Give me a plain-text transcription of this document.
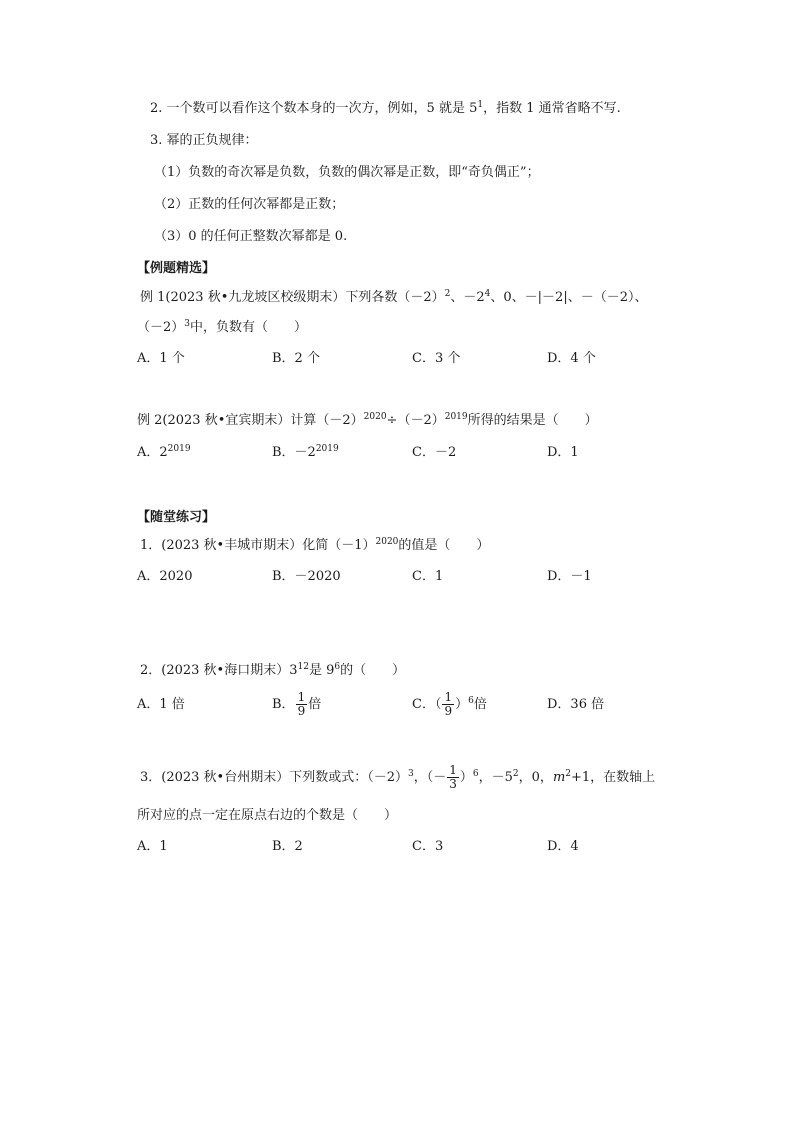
2. 一个数可以看作这个数本身的一次方，例如，5 就是 $5^1$，指数 1 通常省略不写.
3. 幂的正负规律：
（1）负数的奇次幂是负数，负数的偶次幂是正数，即“奇负偶正”；
（2）正数的任何次幂都是正数；
（3）0 的任何正整数次幂都是 0.
【例题精选】
例 1(2023 秋•九龙坡区校级期末）下列各数$(-2)^2$、$-2^4$、0、－|－2|、－（－2）、
$(-2)^3$中，负数有（　　）
A．1 个	B．2 个	C．3 个	D．4 个
例 2(2023 秋•宜宾期末）计算$(-2)^{2020}\div(-2)^{2019}$所得的结果是（　　）
A．$2^{2019}$	B．$-2^{2019}$	C．－2	D．1
【随堂练习】
1．(2023 秋•丰城市期末）化简$(-1)^{2020}$的值是（　　）
A．2020	B．－2020	C．1	D．－1
2．(2023 秋•海口期末）$3^{12}$是 $9^6$的（　　）
A．1 倍	B． $\frac{1}{9}$ 倍	C．（ $\frac{1}{9} )^6$倍	D．36 倍
3．(2023 秋•台州期末）下列数或式：$(-2)^3$，（－ $\frac{1}{3} )^6$，$-5^2$，0，$m^2+1$，在数轴上
所对应的点一定在原点右边的个数是（　　）
A．1	B．2	C．3	D．4
